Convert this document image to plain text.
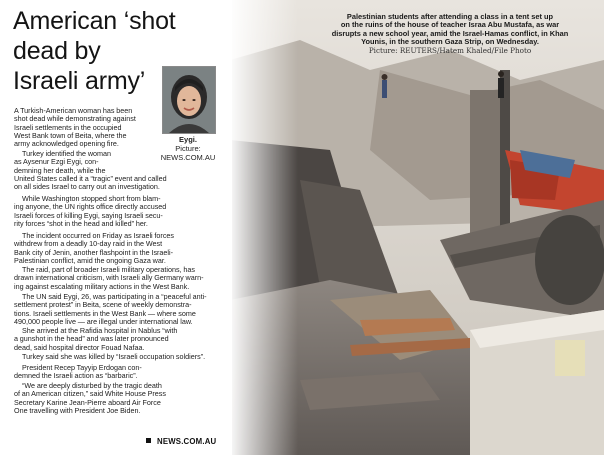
American ‘shot
dead by
Israeli army’
Eygi.
Picture:
NEWS.COM.AU
A Turkish-American woman has been
shot dead while demonstrating against
Israeli settlements in the occupied
West Bank town of Beita, where the
army acknowledged opening fire.
Turkey identified the woman
as Aysenur Ezgi Eygi, con-
demning her death, while the
United States called it a “tragic” event and called
on all sides Israel to carry out an investigation.
While Washington stopped short from blam-
ing anyone, the UN rights office directly accused
Israeli forces of killing Eygi, saying Israeli secu-
rity forces “shot in the head and killed” her.
The incident occurred on Friday as Israeli forces
withdrew from a deadly 10-day raid in the West
Bank city of Jenin, another flashpoint in the Israeli-
Palestinian conflict, amid the ongoing Gaza war.
The raid, part of broader Israeli military operations, has
drawn international criticism, with Israeli ally Germany warn-
ing against escalating military actions in the West Bank.
The UN said Eygi, 26, was participating in a “peaceful anti-
settlement protest” in Beita, scene of weekly demonstra-
tions. Israeli settlements in the West Bank — where some
490,000 people live — are illegal under international law.
She arrived at the Rafidia hospital in Nablus “with
a gunshot in the head” and was later pronounced
dead, said hospital director Fouad Nafaa.
Turkey said she was killed by “Israeli occupation soldiers”.
President Recep Tayyip Erdogan con-
demned the Israeli action as “barbaric”.
“We are deeply disturbed by the tragic death
of an American citizen,” said White House Press
Secretary Karine Jean-Pierre aboard Air Force
One travelling with President Joe Biden.
NEWS.COM.AU
Palestinian students after attending a class in a tent set up
on the ruins of the house of teacher Israa Abu Mustafa, as war
disrupts a new school year, amid the Israel-Hamas conflict, in Khan
Younis, in the southern Gaza Strip, on Wednesday.
Picture: REUTERS/Hatem Khaled/File Photo
